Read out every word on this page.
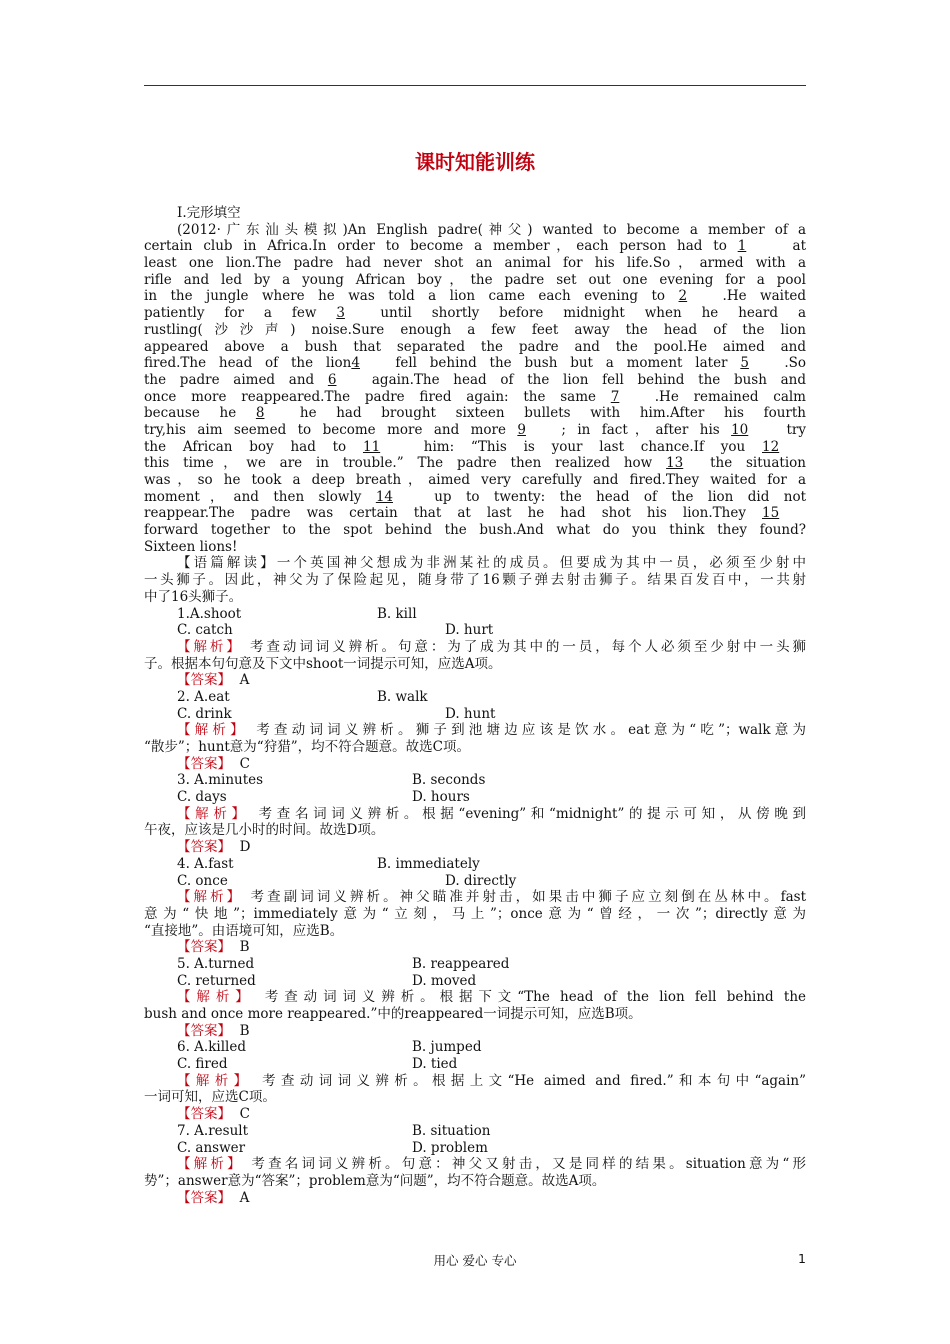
课时知能训练
Ⅰ.完形填空
(2012·广东汕头模拟)An English padre(神父) wanted to become a member of a
certain club in Africa.In order to become a member，each person had to 1	at
least one lion.The padre had never shot an animal for his life.So，armed with a
rifle and led by a young African boy，the padre set out one evening for a pool
in the jungle where he was told a lion came each evening to 2	.He waited
patiently for a few 3	until shortly before midnight when he heard a
rustling(沙沙声) noise.Sure enough a few feet away the head of the lion
appeared above a bush that separated the padre and the pool.He aimed and
fired.The head of the lion4	fell behind the bush but a moment later 5	.So
the padre aimed and 6	again.The head of the lion fell behind the bush and
once more reappeared.The padre fired again: the same 7	.He remained calm
because he 8	he had brought sixteen bullets with him.After his fourth
try,his aim seemed to become more and more 9	; in fact，after his 10	try
the African boy had to 11	him: “This is your last chance.If you 12
this time，we are in trouble.” The padre then realized how 13 the situation
was，so he took a deep breath，aimed very carefully and fired.They waited for a
moment，and then slowly 14	up to twenty: the head of the lion did not
reappear.The padre was certain that at last he had shot his lion.They 15
forward together to the spot behind the bush.And what do you think they found?
Sixteen lions!
【语篇解读】一个英国神父想成为非洲某社的成员。但要成为其中一员，必须至少射中
一头狮子。因此，神父为了保险起见，随身带了16颗子弹去射击狮子。结果百发百中，一共射
中了16头狮子。
1.A.shoot	B. kill
C. catch	D. hurt
【解析】 考查动词词义辨析。句意：为了成为其中的一员，每个人必须至少射中一头狮
子。根据本句句意及下文中shoot一词提示可知，应选A项。
【答案】 A
2. A.eat	B. walk
C. drink	D. hunt
【解析】 考查动词词义辨析。狮子到池塘边应该是饮水。eat意为“吃”；walk意为
“散步”；hunt意为“狩猎”，均不符合题意。故选C项。
【答案】 C
3. A.minutes	B. seconds
C. days	D. hours
【解析】 考查名词词义辨析。根据“evening”和“midnight”的提示可知，从傍晚到
午夜，应该是几小时的时间。故选D项。
【答案】 D
4. A.fast	B. immediately
C. once	D. directly
【解析】 考查副词词义辨析。神父瞄准并射击，如果击中狮子应立刻倒在丛林中。fast
意为“快地”；immediately意为“立刻，马上”；once意为“曾经，一次”；directly意为
“直接地”。由语境可知，应选B。
【答案】 B
5. A.turned	B. reappeared
C. returned	D. moved
【解析】 考查动词词义辨析。根据下文“The head of the lion fell behind the
bush and once more reappeared.”中的reappeared一词提示可知，应选B项。
【答案】 B
6. A.killed	B. jumped
C. fired	D. tied
【解析】 考查动词词义辨析。根据上文“He aimed and fired.”和本句中“again”
一词可知，应选C项。
【答案】 C
7. A.result	B. situation
C. answer	D. problem
【解析】 考查名词词义辨析。句意：神父又射击，又是同样的结果。situation意为“形
势”；answer意为“答案”；problem意为“问题”，均不符合题意。故选A项。
【答案】 A
用心 爱心 专心	1
